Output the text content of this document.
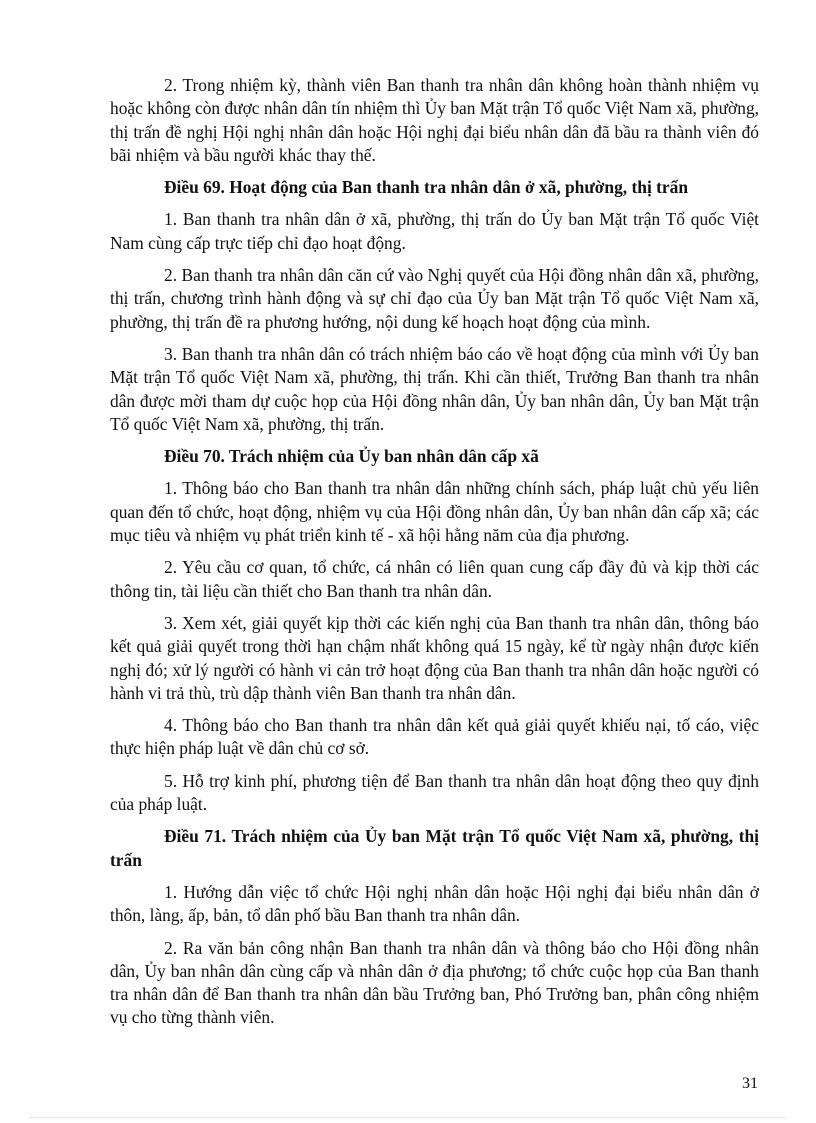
2. Trong nhiệm kỳ, thành viên Ban thanh tra nhân dân không hoàn thành nhiệm vụ hoặc không còn được nhân dân tín nhiệm thì Ủy ban Mặt trận Tổ quốc Việt Nam xã, phường, thị trấn đề nghị Hội nghị nhân dân hoặc Hội nghị đại biểu nhân dân đã bầu ra thành viên đó bãi nhiệm và bầu người khác thay thế.

Điều 69. Hoạt động của Ban thanh tra nhân dân ở xã, phường, thị trấn

1. Ban thanh tra nhân dân ở xã, phường, thị trấn do Ủy ban Mặt trận Tổ quốc Việt Nam cùng cấp trực tiếp chỉ đạo hoạt động.

2. Ban thanh tra nhân dân căn cứ vào Nghị quyết của Hội đồng nhân dân xã, phường, thị trấn, chương trình hành động và sự chỉ đạo của Ủy ban Mặt trận Tổ quốc Việt Nam xã, phường, thị trấn đề ra phương hướng, nội dung kế hoạch hoạt động của mình.

3. Ban thanh tra nhân dân có trách nhiệm báo cáo về hoạt động của mình với Ủy ban Mặt trận Tổ quốc Việt Nam xã, phường, thị trấn. Khi cần thiết, Trưởng Ban thanh tra nhân dân được mời tham dự cuộc họp của Hội đồng nhân dân, Ủy ban nhân dân, Ủy ban Mặt trận Tổ quốc Việt Nam xã, phường, thị trấn.

Điều 70. Trách nhiệm của Ủy ban nhân dân cấp xã

1. Thông báo cho Ban thanh tra nhân dân những chính sách, pháp luật chủ yếu liên quan đến tổ chức, hoạt động, nhiệm vụ của Hội đồng nhân dân, Ủy ban nhân dân cấp xã; các mục tiêu và nhiệm vụ phát triển kinh tế - xã hội hằng năm của địa phương.

2. Yêu cầu cơ quan, tổ chức, cá nhân có liên quan cung cấp đầy đủ và kịp thời các thông tin, tài liệu cần thiết cho Ban thanh tra nhân dân.

3. Xem xét, giải quyết kịp thời các kiến nghị của Ban thanh tra nhân dân, thông báo kết quả giải quyết trong thời hạn chậm nhất không quá 15 ngày, kể từ ngày nhận được kiến nghị đó; xử lý người có hành vi cản trở hoạt động của Ban thanh tra nhân dân hoặc người có hành vi trả thù, trù dập thành viên Ban thanh tra nhân dân.

4. Thông báo cho Ban thanh tra nhân dân kết quả giải quyết khiếu nại, tố cáo, việc thực hiện pháp luật về dân chủ cơ sở.

5. Hỗ trợ kinh phí, phương tiện để Ban thanh tra nhân dân hoạt động theo quy định của pháp luật.

Điều 71. Trách nhiệm của Ủy ban Mặt trận Tổ quốc Việt Nam xã, phường, thị trấn

1. Hướng dẫn việc tổ chức Hội nghị nhân dân hoặc Hội nghị đại biểu nhân dân ở thôn, làng, ấp, bản, tổ dân phố bầu Ban thanh tra nhân dân.

2. Ra văn bản công nhận Ban thanh tra nhân dân và thông báo cho Hội đồng nhân dân, Ủy ban nhân dân cùng cấp và nhân dân ở địa phương; tổ chức cuộc họp của Ban thanh tra nhân dân để Ban thanh tra nhân dân bầu Trưởng ban, Phó Trưởng ban, phân công nhiệm vụ cho từng thành viên.

31
